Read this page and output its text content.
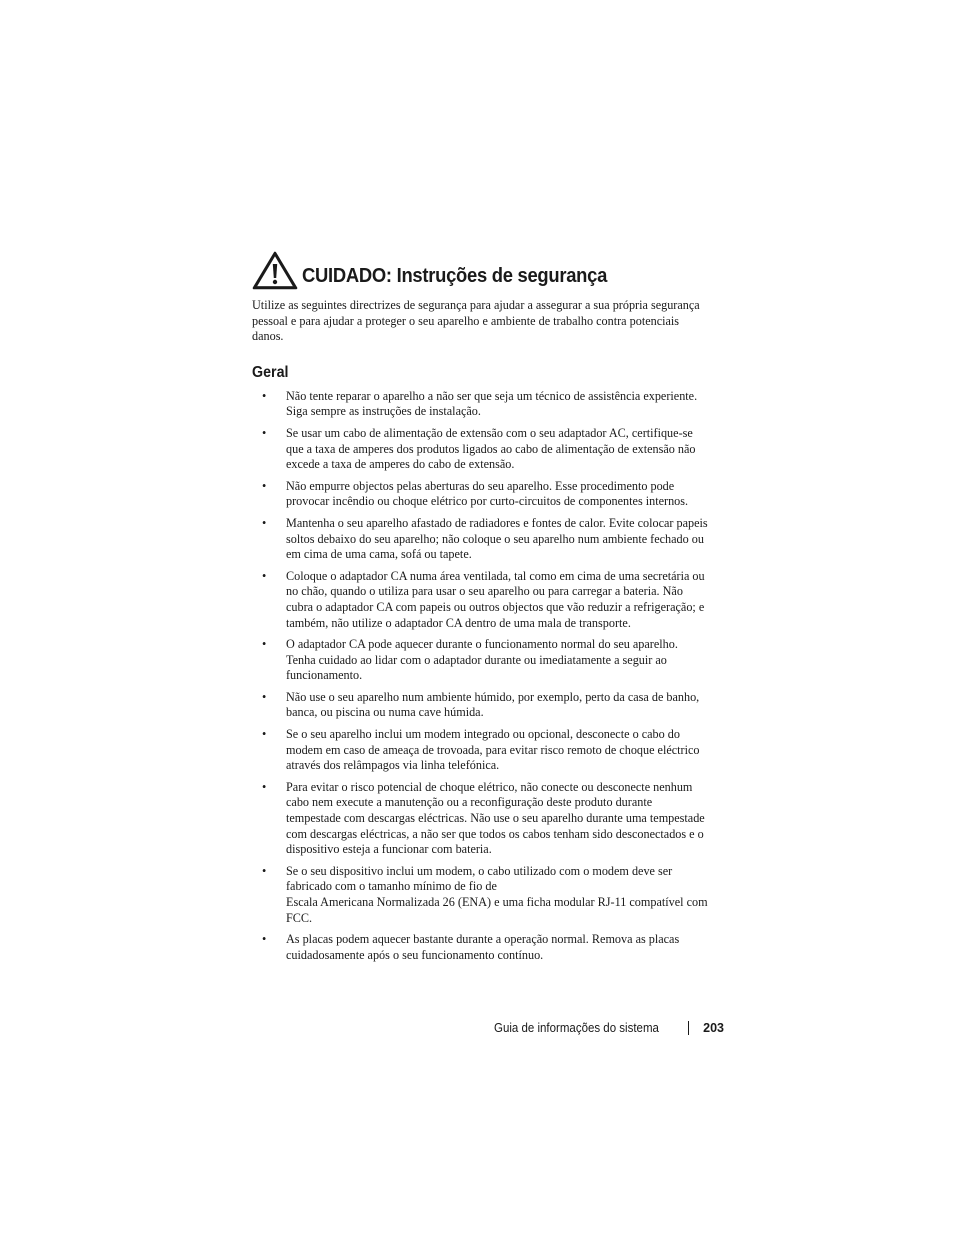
CUIDADO: Instruções de segurança

Utilize as seguintes directrizes de segurança para ajudar a assegurar a sua própria segurança
pessoal e para ajudar a proteger o seu aparelho e ambiente de trabalho contra potenciais
danos.

Geral
• Não tente reparar o aparelho a não ser que seja um técnico de assistência experiente.
Siga sempre as instruções de instalação.
• Se usar um cabo de alimentação de extensão com o seu adaptador AC, certifique-se
que a taxa de amperes dos produtos ligados ao cabo de alimentação de extensão não
excede a taxa de amperes do cabo de extensão.
• Não empurre objectos pelas aberturas do seu aparelho. Esse procedimento pode
provocar incêndio ou choque elétrico por curto-circuitos de componentes internos.
• Mantenha o seu aparelho afastado de radiadores e fontes de calor. Evite colocar papeis
soltos debaixo do seu aparelho; não coloque o seu aparelho num ambiente fechado ou
em cima de uma cama, sofá ou tapete.
• Coloque o adaptador CA numa área ventilada, tal como em cima de uma secretária ou
no chão, quando o utiliza para usar o seu aparelho ou para carregar a bateria. Não
cubra o adaptador CA com papeis ou outros objectos que vão reduzir a refrigeração; e
também, não utilize o adaptador CA dentro de uma mala de transporte.
• O adaptador CA pode aquecer durante o funcionamento normal do seu aparelho.
Tenha cuidado ao lidar com o adaptador durante ou imediatamente a seguir ao
funcionamento.
• Não use o seu aparelho num ambiente húmido, por exemplo, perto da casa de banho,
banca, ou piscina ou numa cave húmida.
• Se o seu aparelho inclui um modem integrado ou opcional, desconecte o cabo do
modem em caso de ameaça de trovoada, para evitar risco remoto de choque eléctrico
através dos relâmpagos via linha telefónica.
• Para evitar o risco potencial de choque elétrico, não conecte ou desconecte nenhum
cabo nem execute a manutenção ou a reconfiguração deste produto durante
tempestade com descargas eléctricas. Não use o seu aparelho durante uma tempestade
com descargas eléctricas, a não ser que todos os cabos tenham sido desconectados e o
dispositivo esteja a funcionar com bateria.
• Se o seu dispositivo inclui um modem, o cabo utilizado com o modem deve ser
fabricado com o tamanho mínimo de fio de
Escala Americana Normalizada 26 (ENA) e uma ficha modular RJ-11 compatível com
FCC.
• As placas podem aquecer bastante durante a operação normal. Remova as placas
cuidadosamente após o seu funcionamento contínuo.
Guia de informações do sistema	203
